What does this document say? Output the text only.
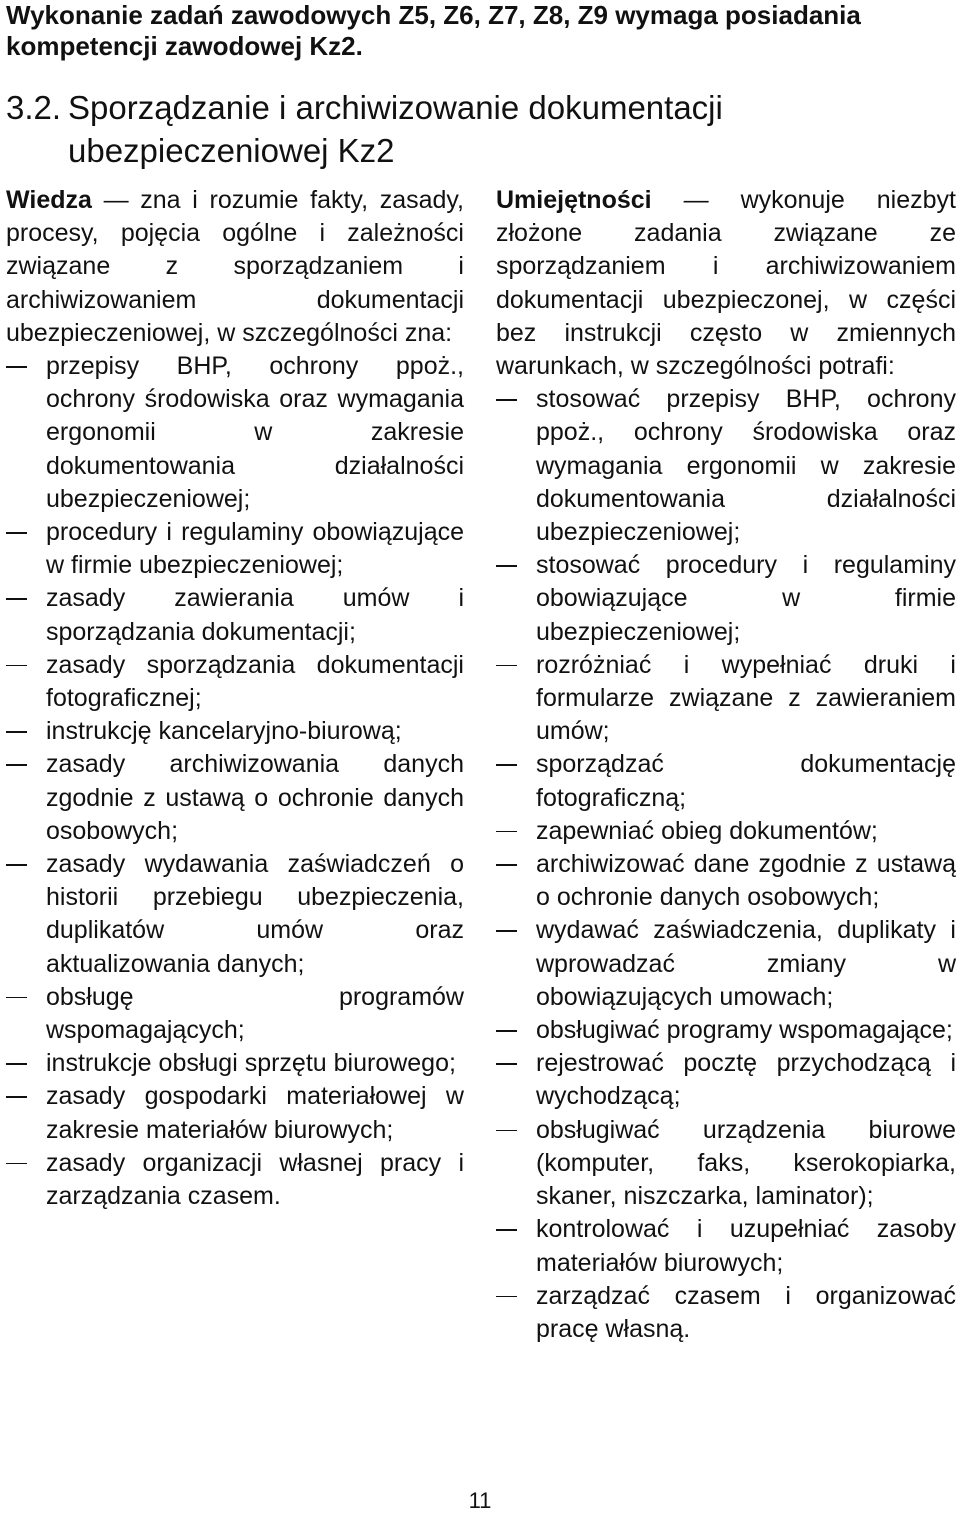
Wykonanie zadań zawodowych Z5, Z6, Z7, Z8, Z9 wymaga posiadania kompetencji zawodowej Kz2.
3.2. Sporządzanie i archiwizowanie dokumentacji
ubezpieczeniowej Kz2

Wiedza — zna i rozumie fakty, zasady, procesy, pojęcia ogólne i zależności związane z sporządzaniem i archiwizowaniem dokumentacji ubezpieczeniowej, w szczególności zna:

przepisy BHP, ochrony ppoż., ochrony środowiska oraz wymagania ergonomii w zakresie dokumentowania działalności ubezpieczeniowej;
procedury i regulaminy obowiązujące w firmie ubezpieczeniowej;
zasady zawierania umów i sporządzania dokumentacji;
zasady sporządzania dokumentacji fotograficznej;
instrukcję kancelaryjno-biurową;
zasady archiwizowania danych zgodnie z ustawą o ochronie danych osobowych;
zasady wydawania zaświadczeń o historii przebiegu ubezpieczenia, duplikatów umów oraz aktualizowania danych;
obsługę programów wspomagających;
instrukcje obsługi sprzętu biurowego;
zasady gospodarki materiałowej w zakresie materiałów biurowych;
zasady organizacji własnej pracy i zarządzania czasem.

Umiejętności — wykonuje niezbyt złożone zadania związane ze sporządzaniem i archiwizowaniem dokumentacji ubezpieczonej, w części bez instrukcji często w zmiennych warunkach, w szczególności potrafi:

stosować przepisy BHP, ochrony ppoż., ochrony środowiska oraz wymagania ergonomii w zakresie dokumentowania działalności ubezpieczeniowej;
stosować procedury i regulaminy obowiązujące w firmie ubezpieczeniowej;
rozróżniać i wypełniać druki i formularze związane z zawieraniem umów;
sporządzać dokumentację fotograficzną;
zapewniać obieg dokumentów;
archiwizować dane zgodnie z ustawą o ochronie danych osobowych;
wydawać zaświadczenia, duplikaty i wprowadzać zmiany w obowiązujących umowach;
obsługiwać programy wspomagające;
rejestrować pocztę przychodzącą i wychodzącą;
obsługiwać urządzenia biurowe (komputer, faks, kserokopiarka, skaner, niszczarka, laminator);
kontrolować i uzupełniać zasoby materiałów biurowych;
zarządzać czasem i organizować pracę własną.
11
